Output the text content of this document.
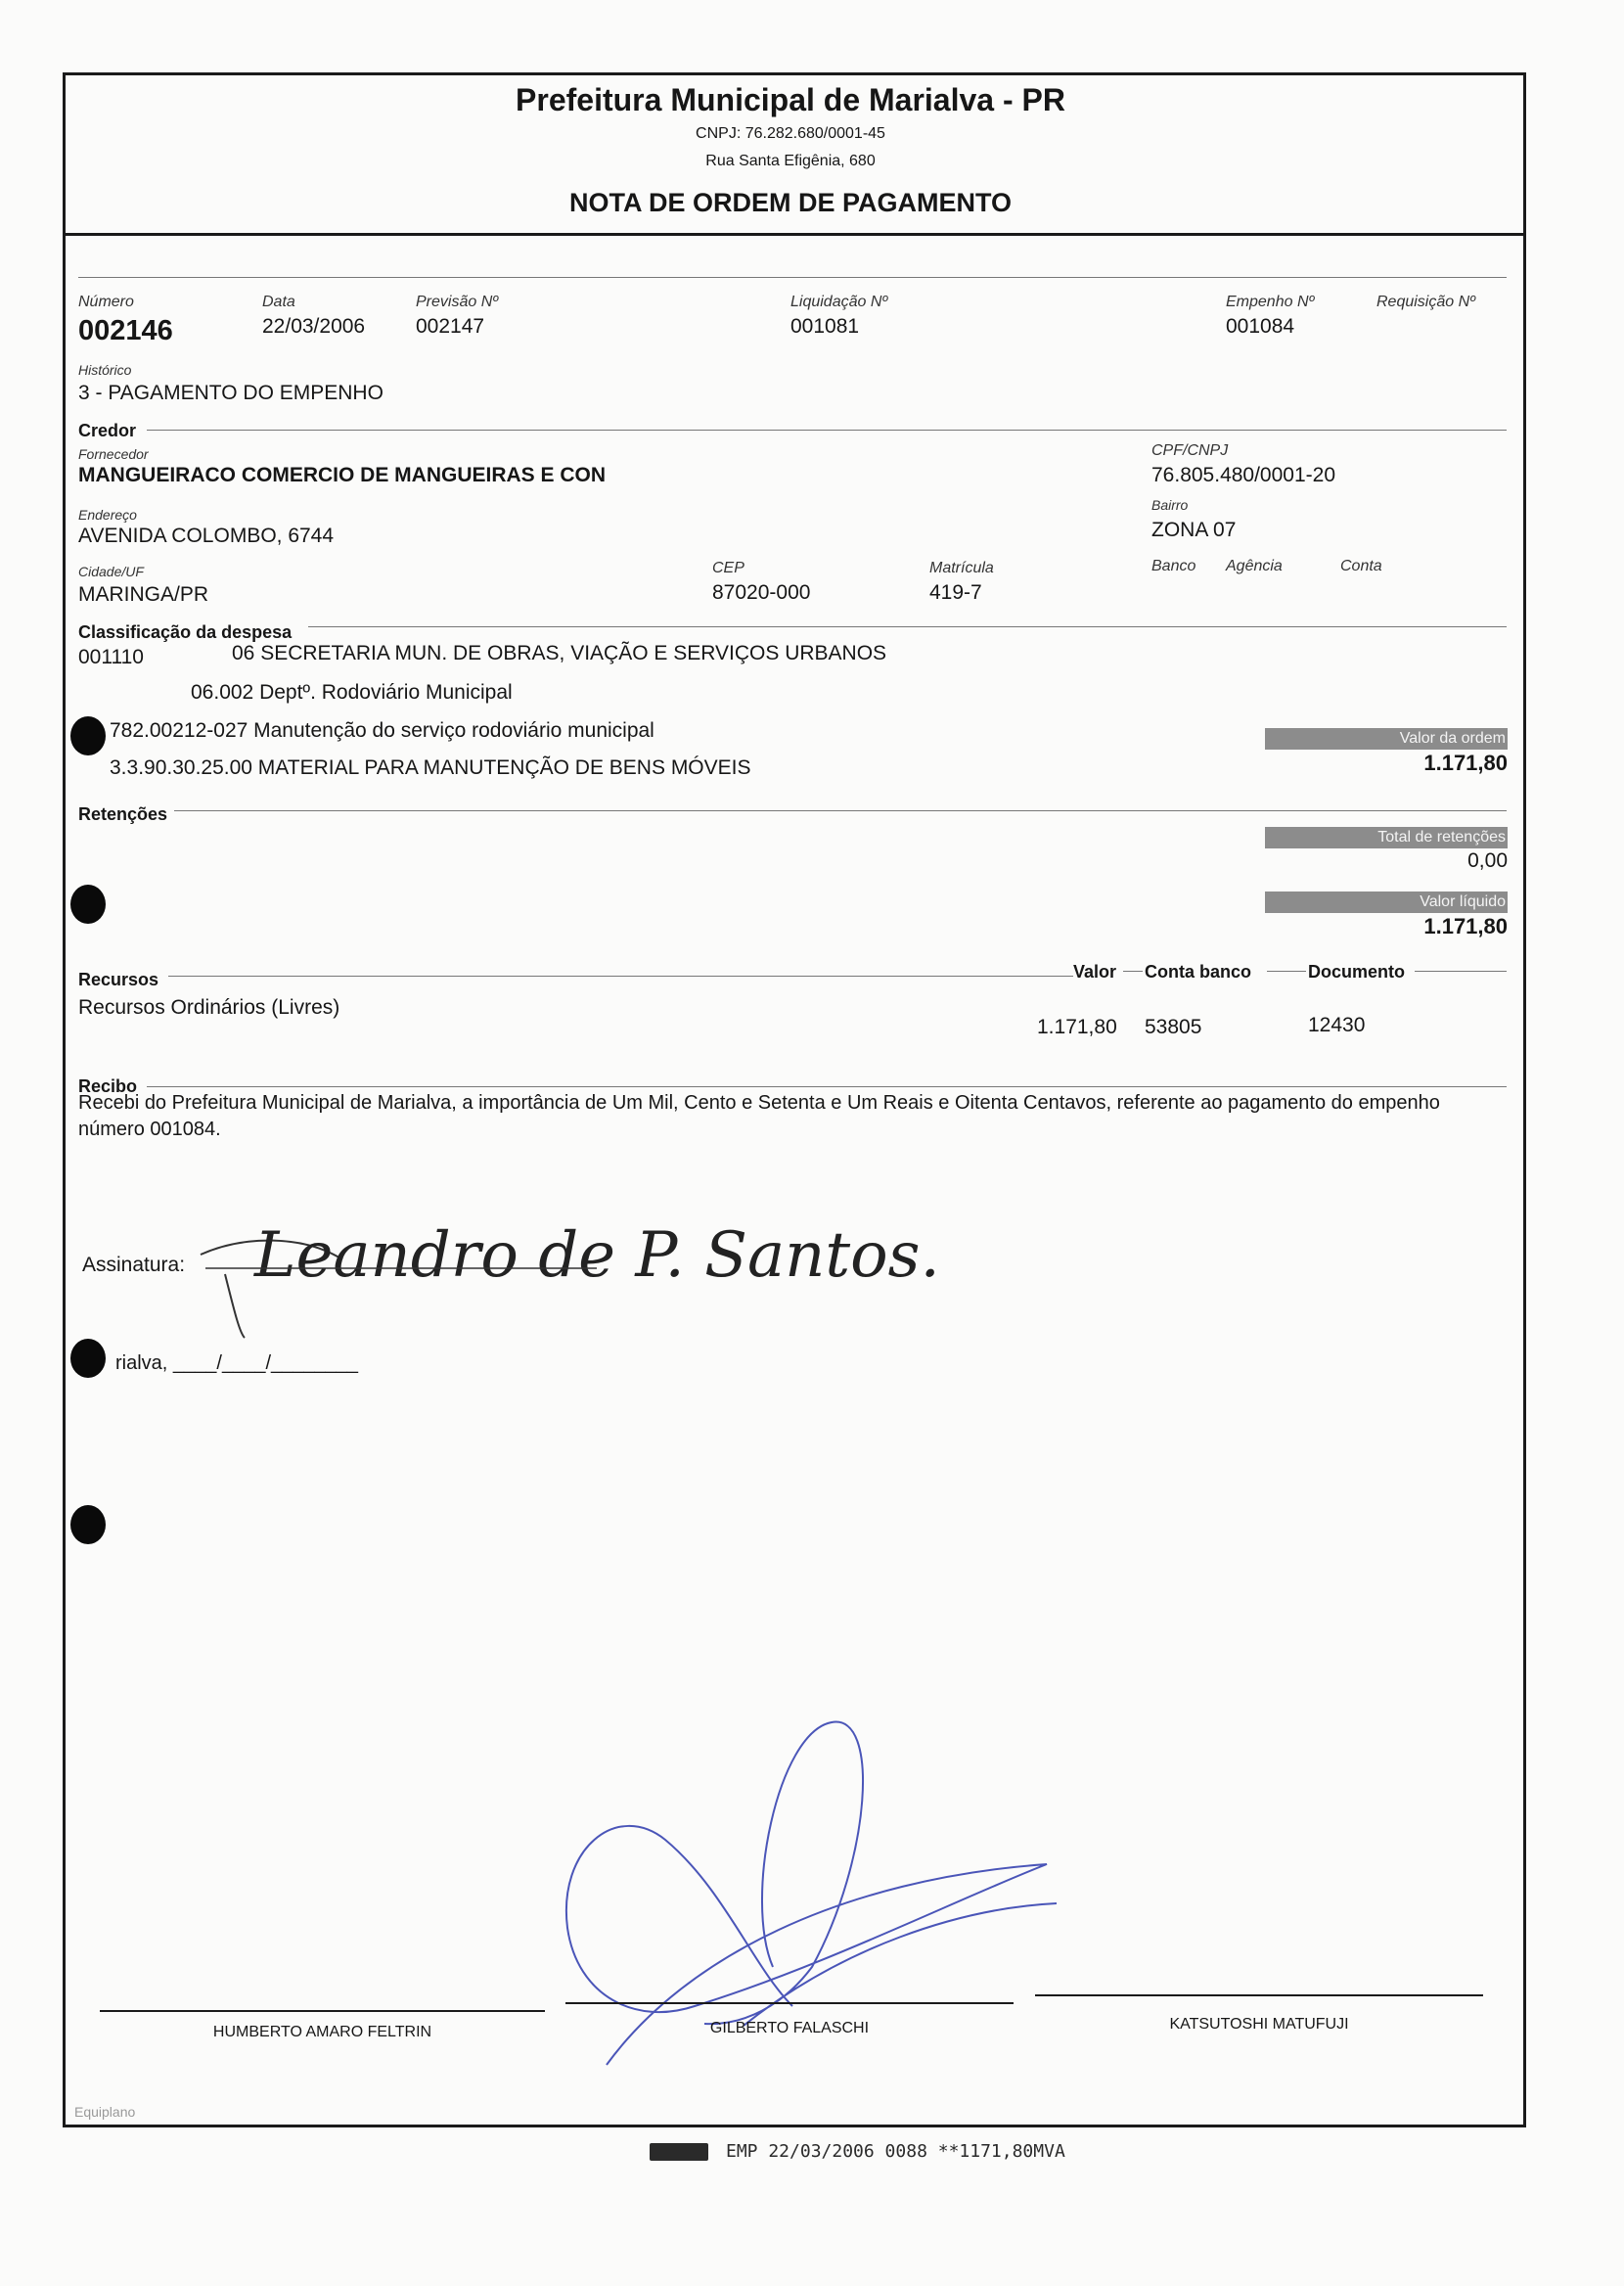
Prefeitura Municipal de Marialva - PR
CNPJ: 76.282.680/0001-45
Rua Santa Efigênia, 680
NOTA DE ORDEM DE PAGAMENTO
Número
002146
Data
22/03/2006
Previsão Nº
002147
Liquidação Nº
001081
Empenho Nº
001084
Requisição Nº
Histórico
3 - PAGAMENTO DO EMPENHO
Credor
Fornecedor
MANGUEIRACO COMERCIO DE MANGUEIRAS E CON
CPF/CNPJ
76.805.480/0001-20
Endereço
AVENIDA COLOMBO, 6744
Bairro
ZONA 07
Cidade/UF
MARINGA/PR
CEP
87020-000
Matrícula
419-7
Banco Agência	Conta
Classificação da despesa
001110	06 SECRETARIA MUN. DE OBRAS, VIAÇÃO E SERVIÇOS URBANOS
06.002 Deptº. Rodoviário Municipal
782.00212-027 Manutenção do serviço rodoviário municipal
3.3.90.30.25.00 MATERIAL PARA MANUTENÇÃO DE BENS MÓVEIS
Valor da ordem
1.171,80
Retenções
Total de retenções
0,00
Valor líquido
1.171,80
Recursos	Valor Conta banco	Documento
Recursos Ordinários (Livres)
1.171,80 53805	12430
Recibo
Recebi do Prefeitura Municipal de Marialva, a importância de Um Mil, Cento e Setenta e Um Reais e Oitenta Centavos, referente ao pagamento do empenho número 001084.
Assinatura: Leandro de P. Santos.
rialva, ____/____/________
HUMBERTO AMARO FELTRIN	GILBERTO FALASCHI	KATSUTOSHI MATUFUJI
Equiplano
EMP 22/03/2006 0088 **1171,80MVA
